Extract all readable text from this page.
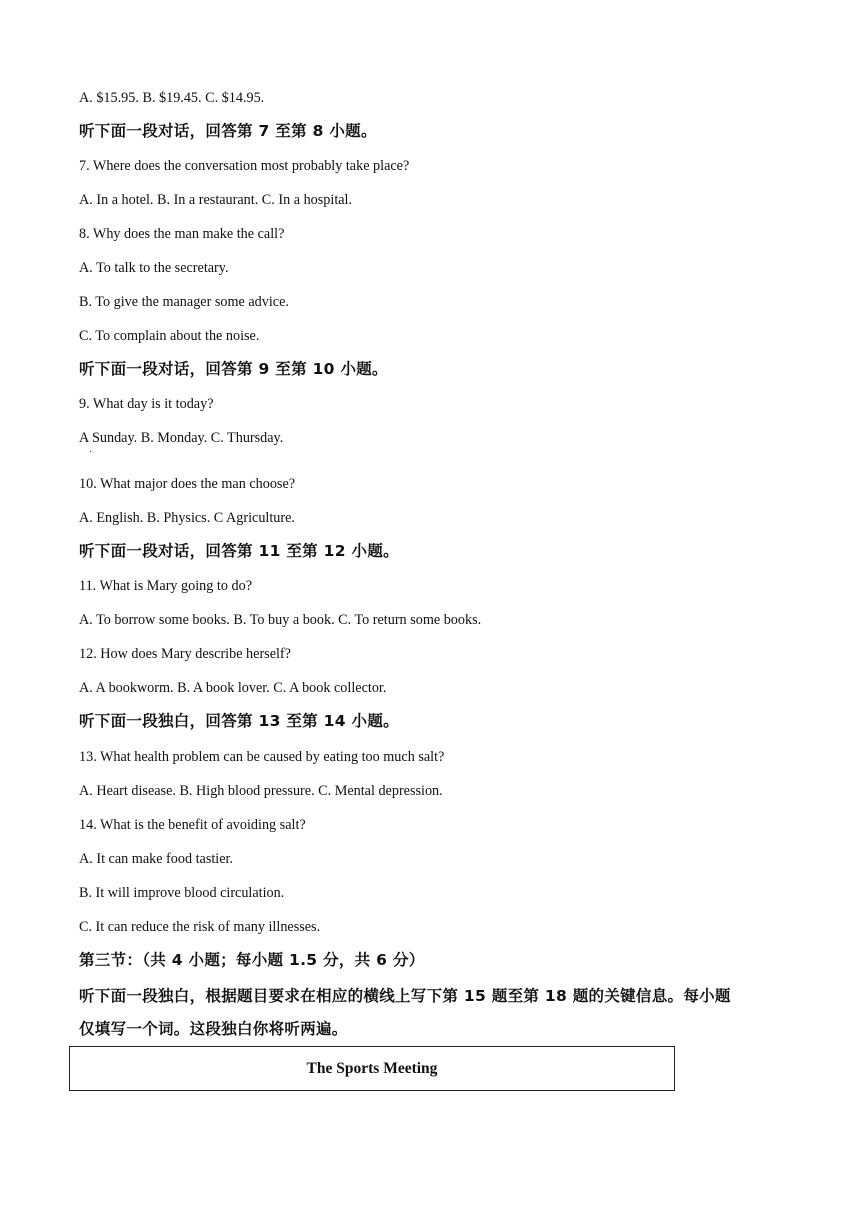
A. $15.95. B. $19.45. C. $14.95.
听下面一段对话，回答第 7 至第 8 小题。
7. Where does the conversation most probably take place?
A. In a hotel. B. In a restaurant. C. In a hospital.
8. Why does the man make the call?
A. To talk to the secretary.
B. To give the manager some advice.
C. To complain about the noise.
听下面一段对话，回答第 9 至第 10 小题。
9. What day is it today?
A Sunday. B. Monday. C. Thursday.
·
10. What major does the man choose?
A. English. B. Physics. C Agriculture.
听下面一段对话，回答第 11 至第 12 小题。
11. What is Mary going to do?
A. To borrow some books. B. To buy a book. C. To return some books.
12. How does Mary describe herself?
A. A bookworm. B. A book lover. C. A book collector.
听下面一段独白，回答第 13 至第 14 小题。
13. What health problem can be caused by eating too much salt?
A. Heart disease. B. High blood pressure. C. Mental depression.
14. What is the benefit of avoiding salt?
A. It can make food tastier.
B. It will improve blood circulation.
C. It can reduce the risk of many illnesses.
第三节：（共 4 小题；每小题 1.5 分，共 6 分）
听下面一段独白，根据题目要求在相应的横线上写下第 15 题至第 18 题的关键信息。每小题
仅填写一个词。这段独白你将听两遍。
The Sports Meeting
